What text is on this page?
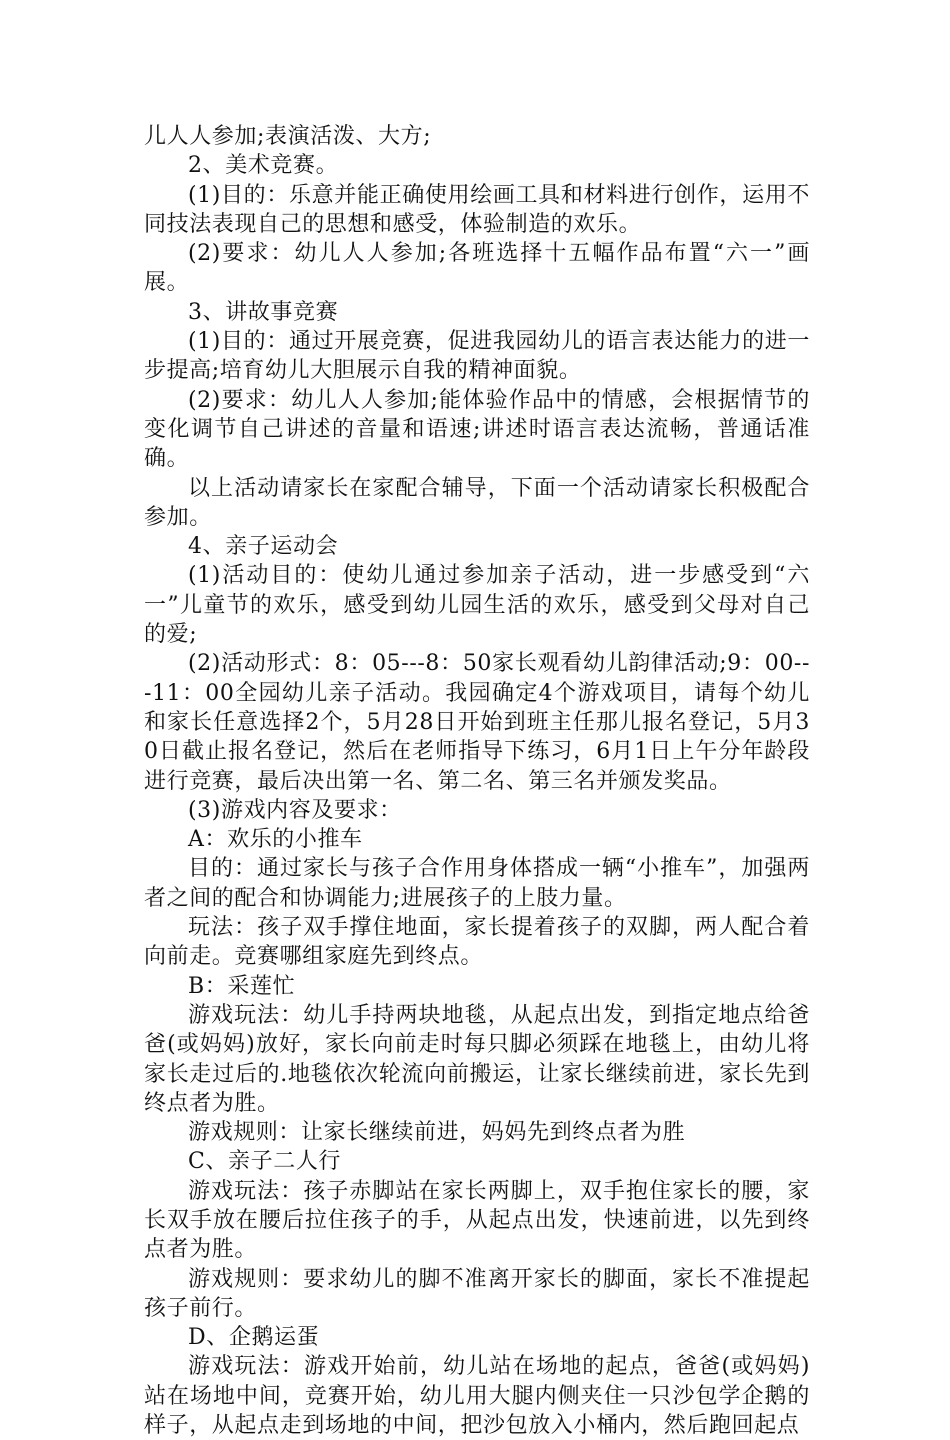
儿人人参加;表演活泼、大方;

2、美术竞赛。

(1)目的：乐意并能正确使用绘画工具和材料进行创作，运用不同技法表现自己的思想和感受，体验制造的欢乐。

(2)要求：幼儿人人参加;各班选择十五幅作品布置“六一”画展。

3、讲故事竞赛

(1)目的：通过开展竞赛，促进我园幼儿的语言表达能力的进一步提高;培育幼儿大胆展示自我的精神面貌。

(2)要求：幼儿人人参加;能体验作品中的情感，会根据情节的变化调节自己讲述的音量和语速;讲述时语言表达流畅，普通话准确。

以上活动请家长在家配合辅导，下面一个活动请家长积极配合参加。

4、亲子运动会

(1)活动目的：使幼儿通过参加亲子活动，进一步感受到“六一”儿童节的欢乐，感受到幼儿园生活的欢乐，感受到父母对自己的爱;

(2)活动形式：8：05---8：50家长观看幼儿韵律活动;9：00---11：00全园幼儿亲子活动。我园确定4个游戏项目，请每个幼儿和家长任意选择2个，5月28日开始到班主任那儿报名登记，5月30日截止报名登记，然后在老师指导下练习，6月1日上午分年龄段进行竞赛，最后决出第一名、第二名、第三名并颁发奖品。

(3)游戏内容及要求：

A：欢乐的小推车

目的：通过家长与孩子合作用身体搭成一辆“小推车”，加强两者之间的配合和协调能力;进展孩子的上肢力量。

玩法：孩子双手撑住地面，家长提着孩子的双脚，两人配合着向前走。竞赛哪组家庭先到终点。

B：采莲忙

游戏玩法：幼儿手持两块地毯，从起点出发，到指定地点给爸爸(或妈妈)放好，家长向前走时每只脚必须踩在地毯上，由幼儿将家长走过后的.地毯依次轮流向前搬运，让家长继续前进，家长先到终点者为胜。

游戏规则：让家长继续前进，妈妈先到终点者为胜

C、亲子二人行

游戏玩法：孩子赤脚站在家长两脚上，双手抱住家长的腰，家长双手放在腰后拉住孩子的手，从起点出发，快速前进，以先到终点者为胜。

游戏规则：要求幼儿的脚不准离开家长的脚面，家长不准提起孩子前行。

D、企鹅运蛋

游戏玩法：游戏开始前，幼儿站在场地的起点，爸爸(或妈妈)站在场地中间，竞赛开始，幼儿用大腿内侧夹住一只沙包学企鹅的样子，从起点走到场地的中间，把沙包放入小桶内，然后跑回起点
